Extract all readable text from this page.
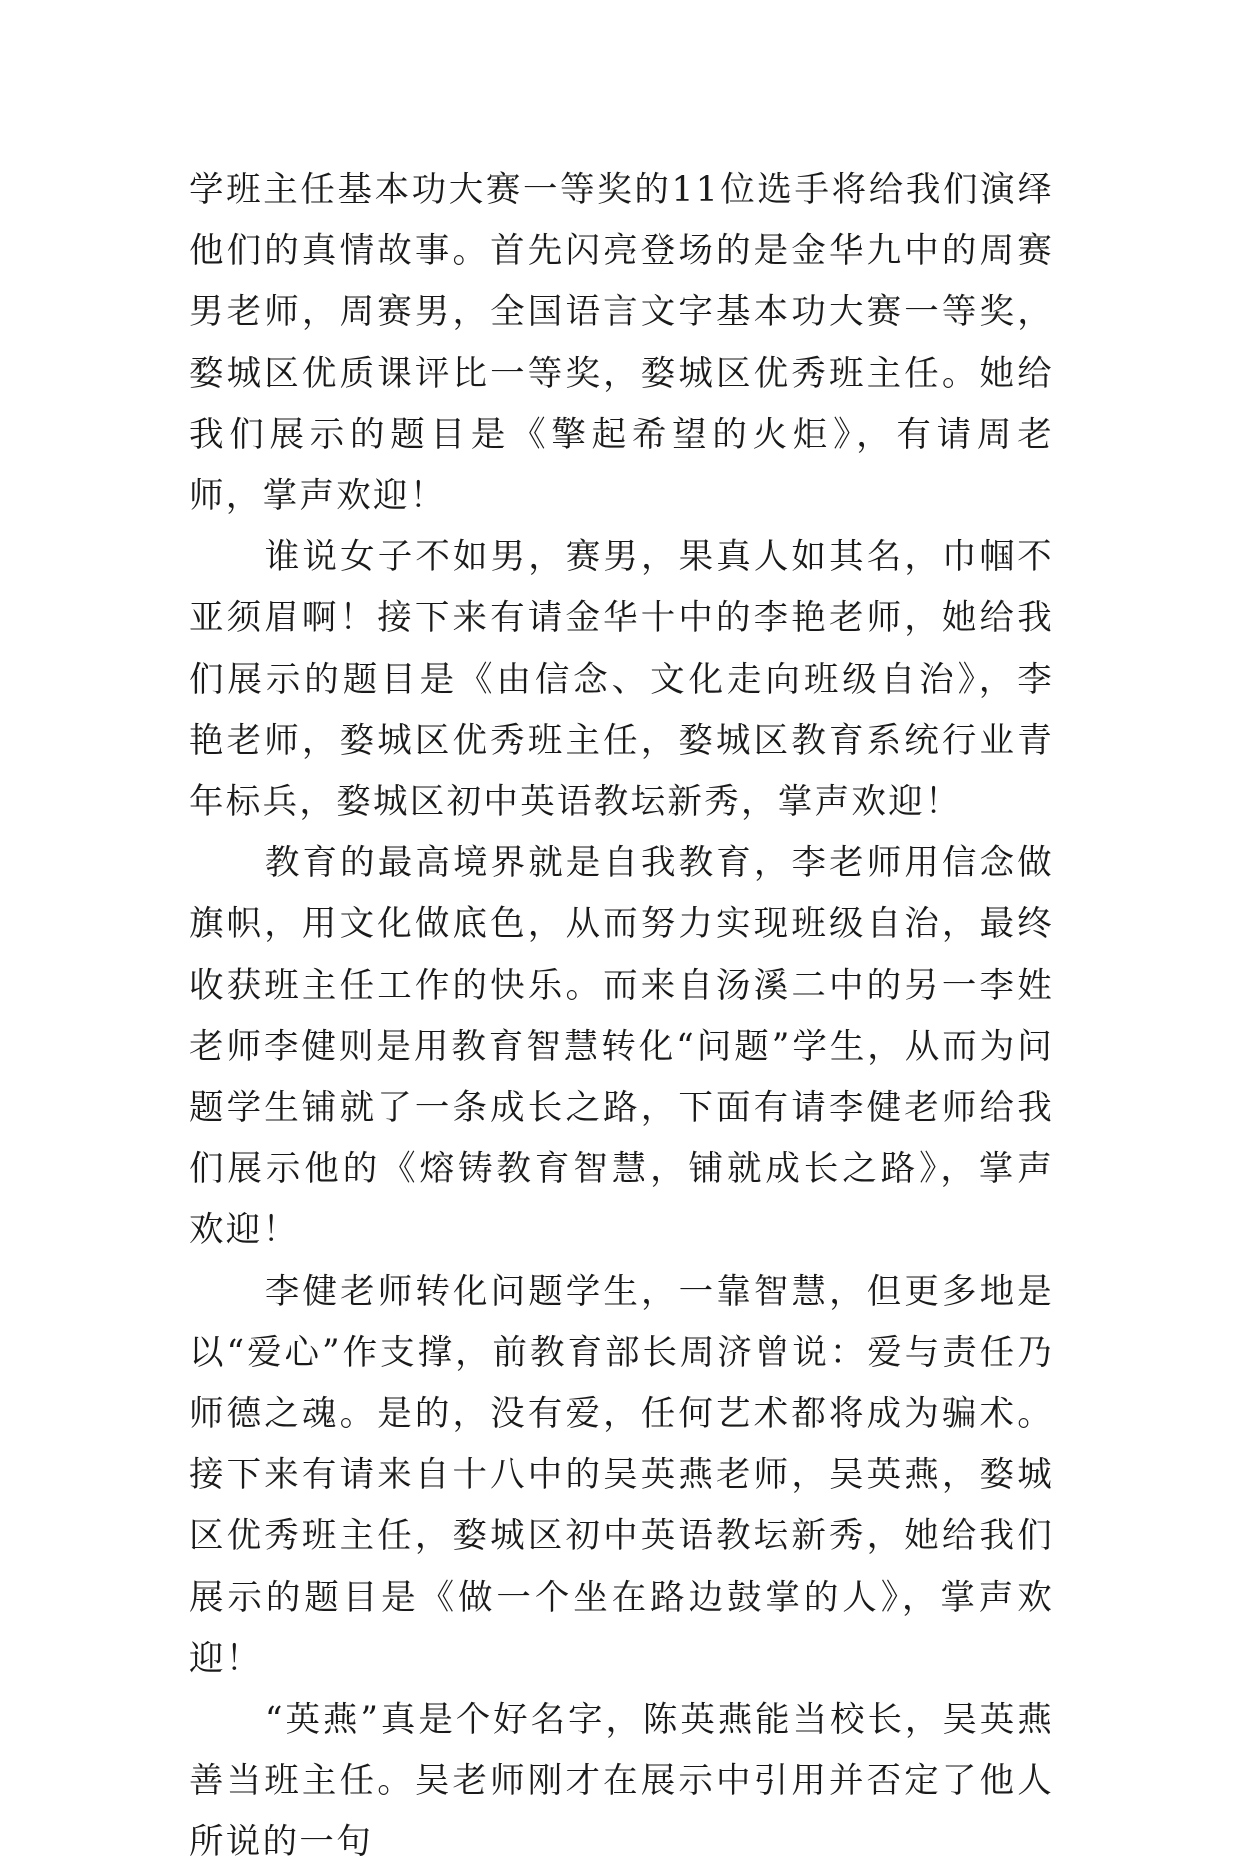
学班主任基本功大赛一等奖的11位选手将给我们演绎他们的真情故事。首先闪亮登场的是金华九中的周赛男老师，周赛男，全国语言文字基本功大赛一等奖，婺城区优质课评比一等奖，婺城区优秀班主任。她给我们展示的题目是《擎起希望的火炬》，有请周老师，掌声欢迎！

谁说女子不如男，赛男，果真人如其名，巾帼不亚须眉啊！接下来有请金华十中的李艳老师，她给我们展示的题目是《由信念、文化走向班级自治》，李艳老师，婺城区优秀班主任，婺城区教育系统行业青年标兵，婺城区初中英语教坛新秀，掌声欢迎！

教育的最高境界就是自我教育，李老师用信念做旗帜，用文化做底色，从而努力实现班级自治，最终收获班主任工作的快乐。而来自汤溪二中的另一李姓老师李健则是用教育智慧转化“问题”学生，从而为问题学生铺就了一条成长之路，下面有请李健老师给我们展示他的《熔铸教育智慧，铺就成长之路》，掌声欢迎！

李健老师转化问题学生，一靠智慧，但更多地是以“爱心”作支撑，前教育部长周济曾说：爱与责任乃师德之魂。是的，没有爱，任何艺术都将成为骗术。接下来有请来自十八中的吴英燕老师，吴英燕，婺城区优秀班主任，婺城区初中英语教坛新秀，她给我们展示的题目是《做一个坐在路边鼓掌的人》，掌声欢迎！

“英燕”真是个好名字，陈英燕能当校长，吴英燕善当班主任。吴老师刚才在展示中引用并否定了他人所说的一句
